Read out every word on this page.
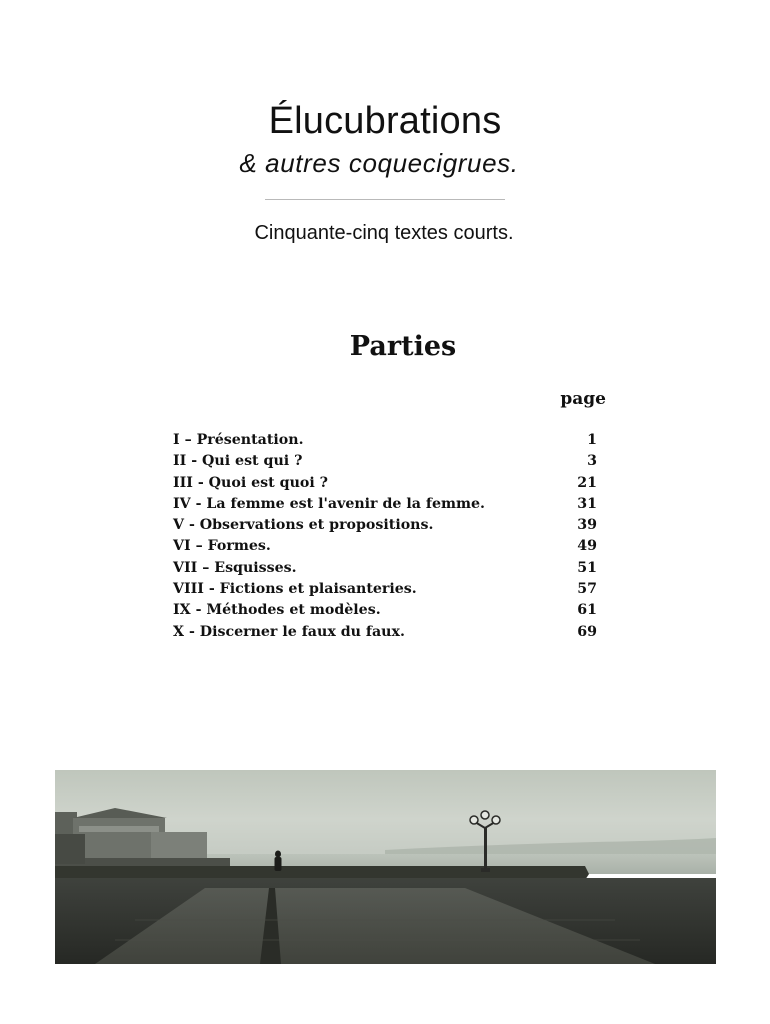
Élucubrations
& autres coquecigrues.
Cinquante-cinq textes courts.
Parties
page
I – Présentation.	1
II - Qui est qui ?	3
III - Quoi est quoi ?	21
IV - La femme est l'avenir de la femme.	31
V - Observations et propositions.	39
VI – Formes.	49
VII – Esquisses.	51
VIII - Fictions et plaisanteries.	57
IX - Méthodes et modèles.	61
X - Discerner le faux du faux.	69
